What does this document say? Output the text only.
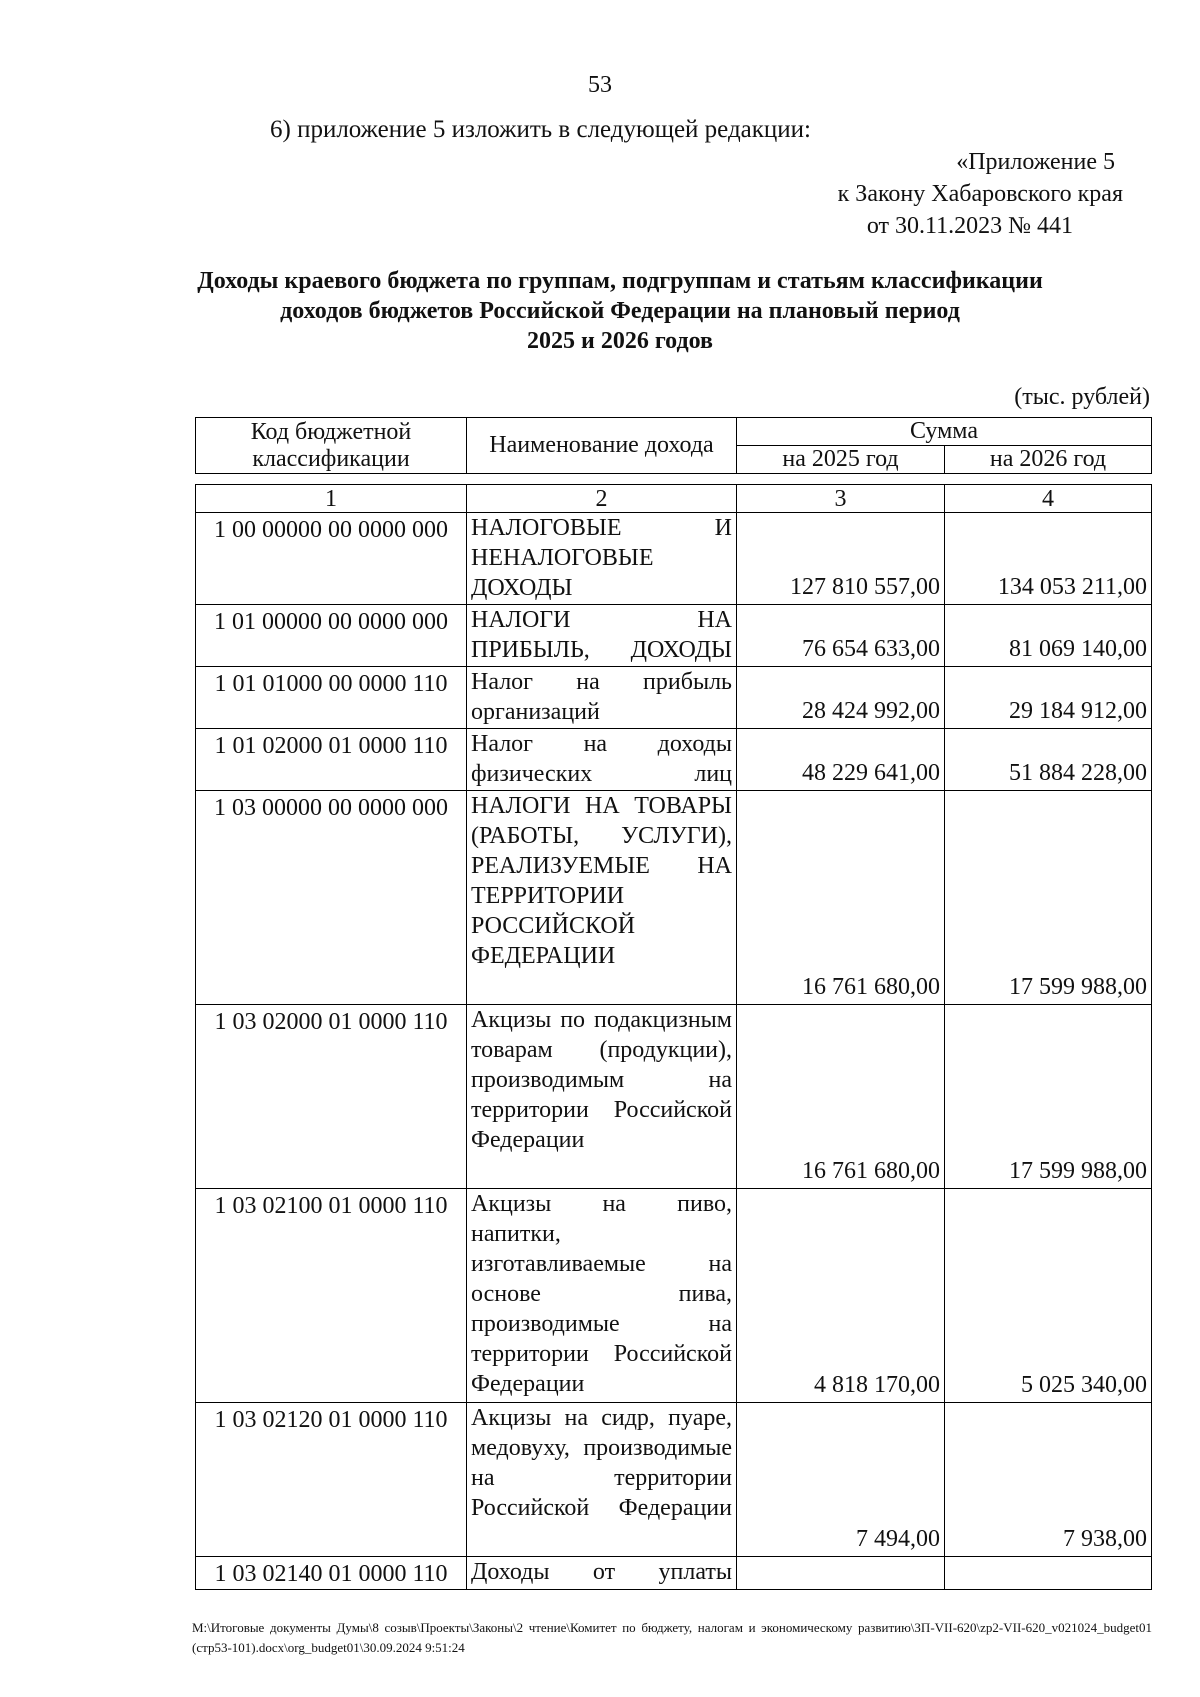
53
6) приложение 5 изложить в следующей редакции:
«Приложение 5
к Закону Хабаровского края
от 30.11.2023 № 441
Доходы краевого бюджета по группам, подгруппам и статьям классификации
доходов бюджетов Российской Федерации на плановый период
2025 и 2026 годов
(тыс. рублей)
Код бюджетной классификации	Наименование дохода	Сумма	
		на 2025 год	на 2026 год
1	2	3	4
1 00 00000 00 0000 000	НАЛОГОВЫЕ И НЕНАЛОГОВЫЕ ДОХОДЫ	127 810 557,00	134 053 211,00
1 01 00000 00 0000 000	НАЛОГИ НА ПРИБЫЛЬ, ДОХОДЫ	76 654 633,00	81 069 140,00
1 01 01000 00 0000 110	Налог на прибыль организаций	28 424 992,00	29 184 912,00
1 01 02000 01 0000 110	Налог на доходы физических лиц	48 229 641,00	51 884 228,00
1 03 00000 00 0000 000	НАЛОГИ НА ТОВАРЫ (РАБОТЫ, УСЛУГИ), РЕАЛИЗУЕМЫЕ НА ТЕРРИТОРИИ РОССИЙСКОЙ ФЕДЕРАЦИИ	16 761 680,00	17 599 988,00
1 03 02000 01 0000 110	Акцизы по подакцизным товарам (продукции), производимым на территории Российской Федерации	16 761 680,00	17 599 988,00
1 03 02100 01 0000 110	Акцизы на пиво, напитки, изготавливаемые на основе пива, производимые на территории Российской Федерации	4 818 170,00	5 025 340,00
1 03 02120 01 0000 110	Акцизы на сидр, пуаре, медовуху, производимые на территории Российской Федерации	7 494,00	7 938,00
1 03 02140 01 0000 110	Доходы от уплаты		
M:\Итоговые документы Думы\8 созыв\Проекты\Законы\2 чтение\Комитет по бюджету, налогам и экономическому развитию\ЗП-VII-620\zp2-VII-620_v021024_budget01 (стр53-101).docx\org_budget01\30.09.2024 9:51:24
